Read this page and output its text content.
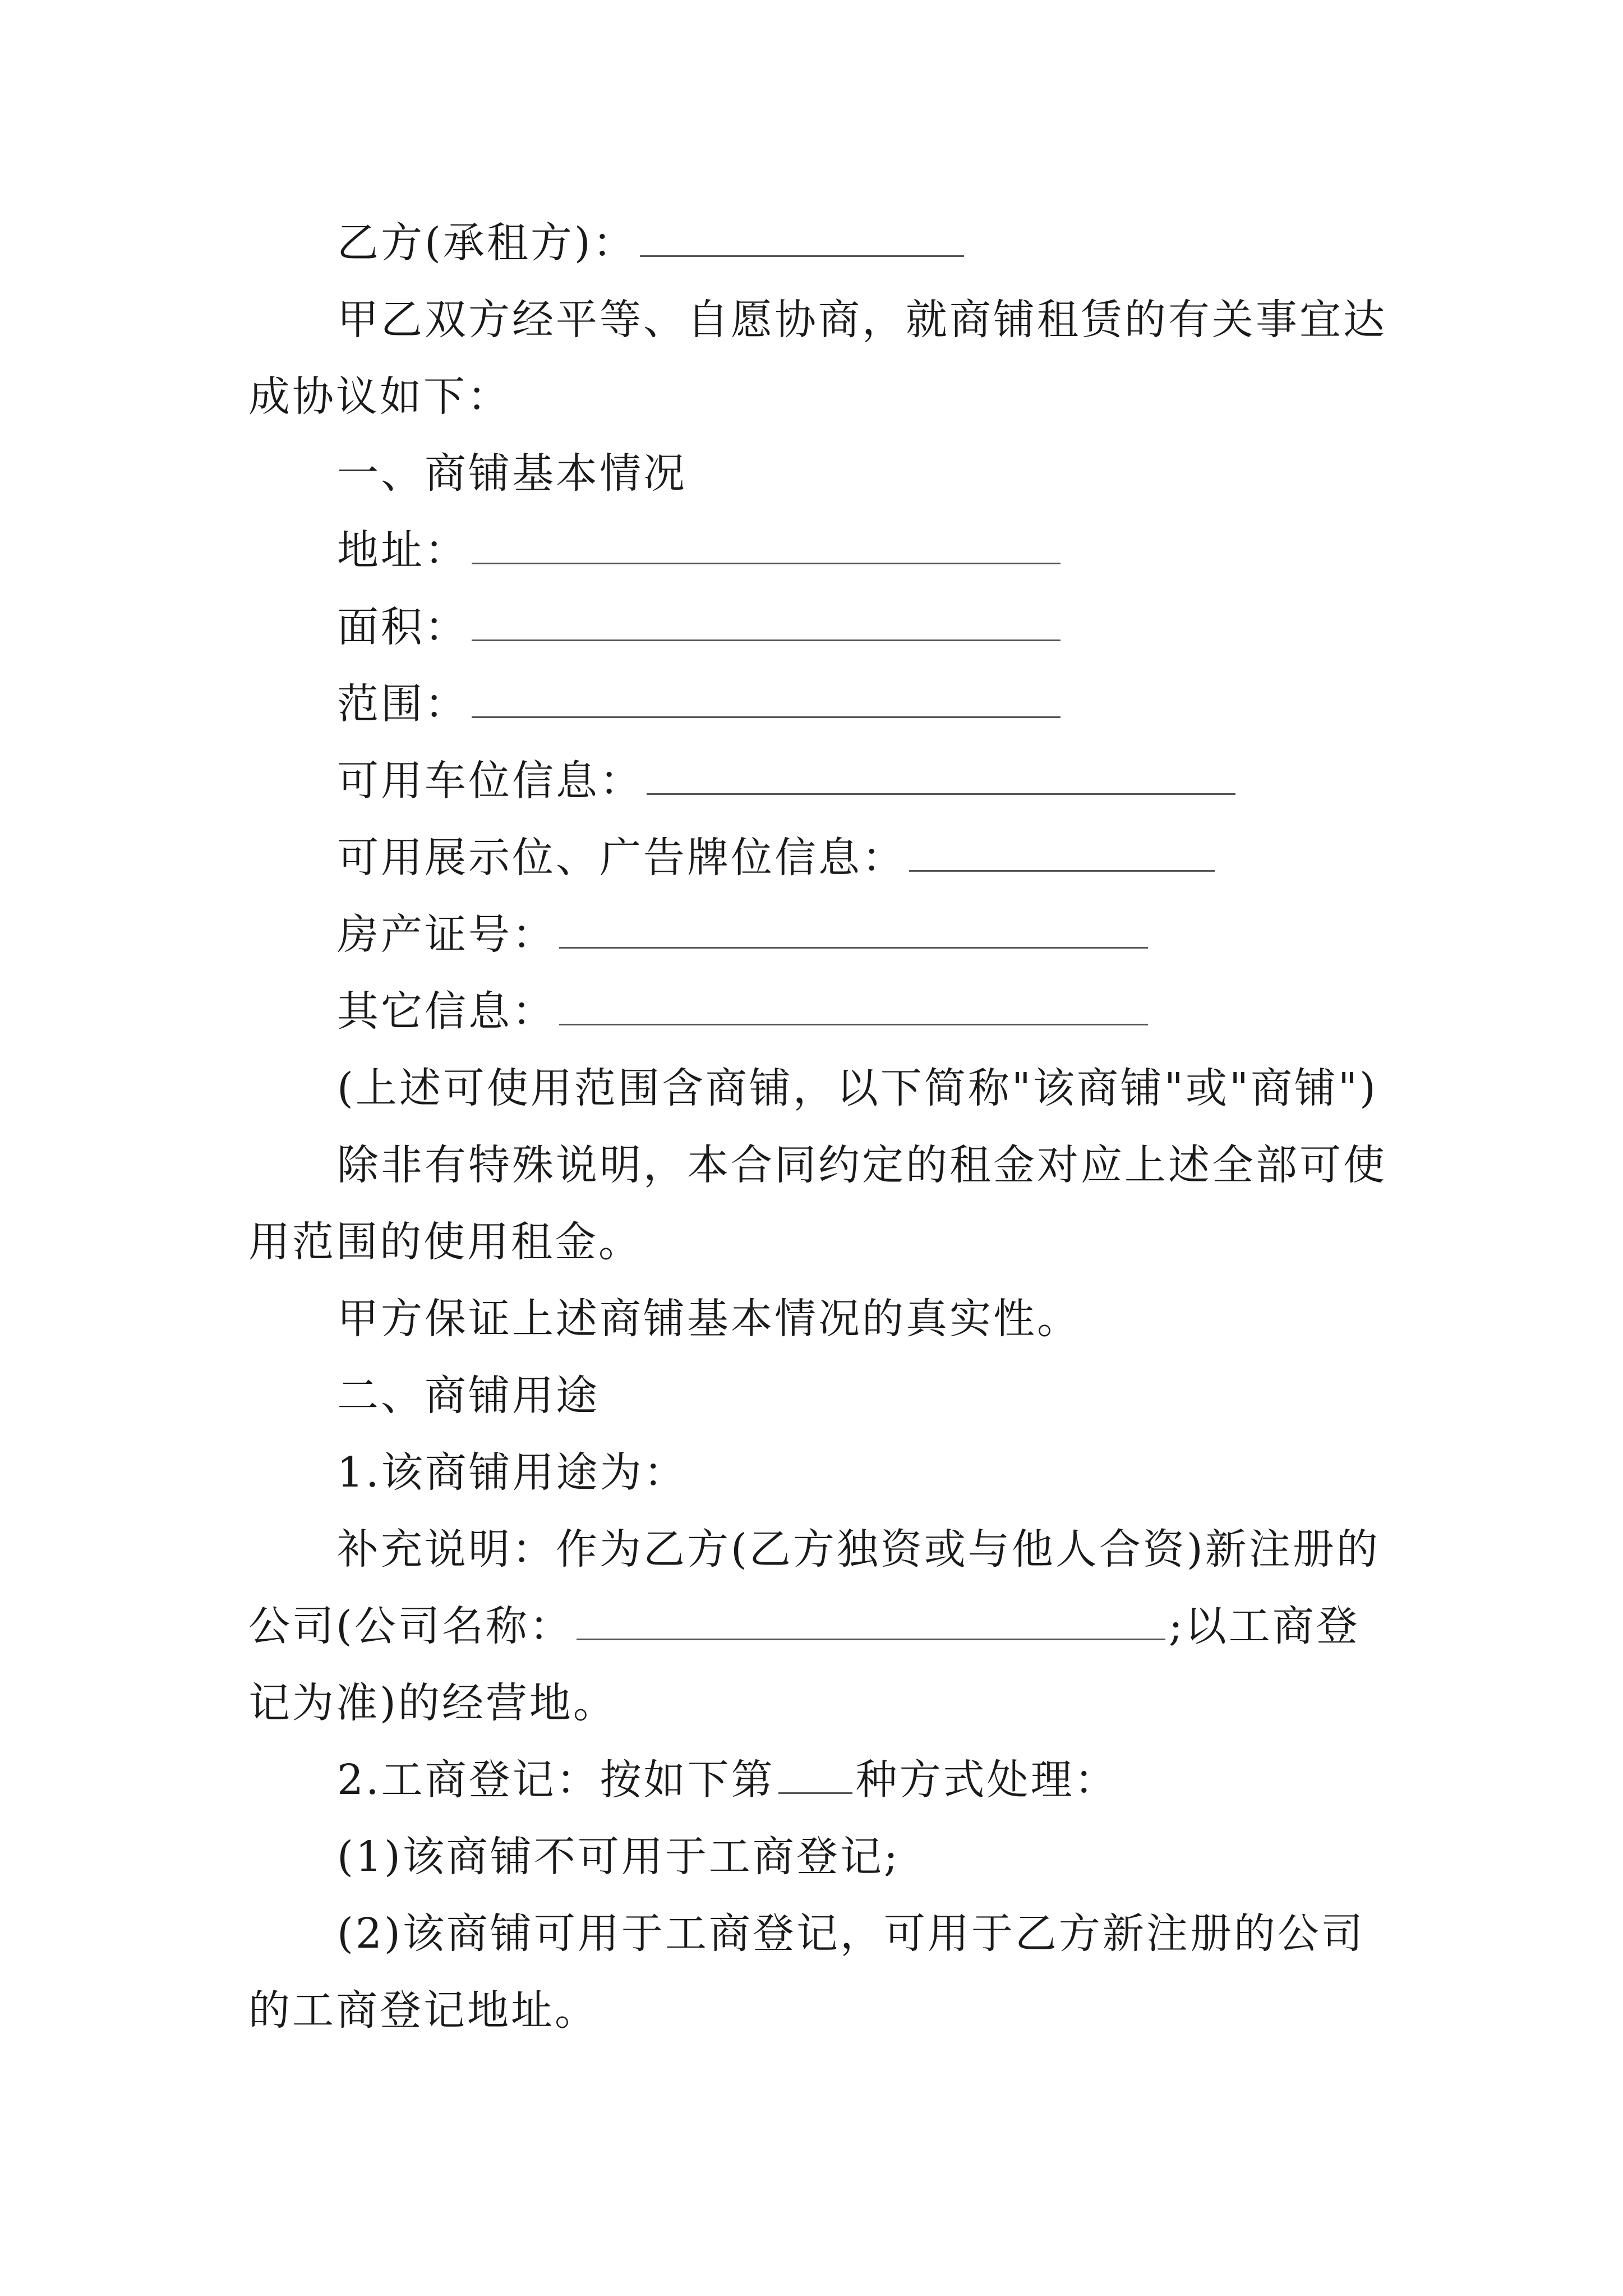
乙方(承租方)：
甲乙双方经平等、自愿协商，就商铺租赁的有关事宜达
成协议如下：
一、商铺基本情况
地址：
面积：
范围：
可用车位信息：
可用展示位、广告牌位信息：
房产证号：
其它信息：
(上述可使用范围含商铺，以下简称"该商铺"或"商铺")
除非有特殊说明，本合同约定的租金对应上述全部可使
用范围的使用租金。
甲方保证上述商铺基本情况的真实性。
二、商铺用途
1.该商铺用途为：
补充说明：作为乙方(乙方独资或与他人合资)新注册的
公司(公司名称：	;以工商登
记为准)的经营地。
2.工商登记：按如下第 种方式处理：
(1)该商铺不可用于工商登记;
(2)该商铺可用于工商登记，可用于乙方新注册的公司
的工商登记地址。
